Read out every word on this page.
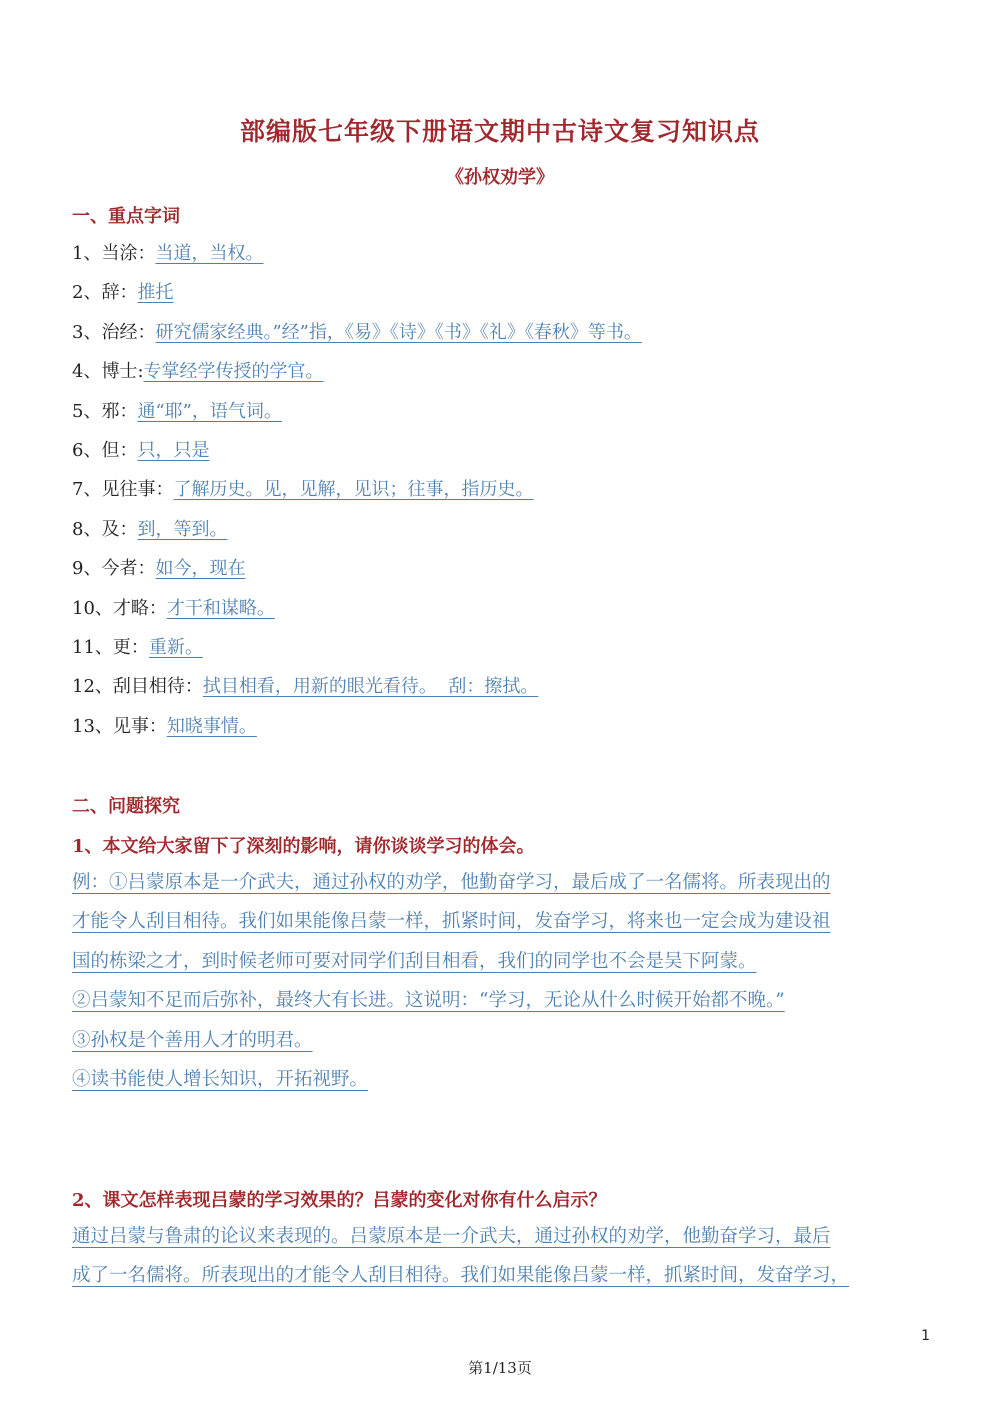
部编版七年级下册语文期中古诗文复习知识点
《孙权劝学》
一、重点字词
1、当涂：当道，当权。
2、辞：推托
3、治经：研究儒家经典。”经”指，《易》《诗》《书》《礼》《春秋》等书。
4、博士:专掌经学传授的学官。
5、邪：通“耶”，语气词。
6、但：只，只是
7、见往事：了解历史。见，见解，见识；往事，指历史。
8、及：到，等到。
9、今者：如今，现在
10、才略：才干和谋略。
11、更：重新。
12、刮目相待：拭目相看，用新的眼光看待。  刮：擦拭。
13、见事：知晓事情。
二、问题探究
1、本文给大家留下了深刻的影响，请你谈谈学习的体会。

例：①吕蒙原本是一介武夫，通过孙权的劝学，他勤奋学习，最后成了一名儒将。所表现出的

才能令人刮目相待。我们如果能像吕蒙一样，抓紧时间，发奋学习，将来也一定会成为建设祖

国的栋梁之才，到时候老师可要对同学们刮目相看，我们的同学也不会是吴下阿蒙。

②吕蒙知不足而后弥补，最终大有长进。这说明：“学习，无论从什么时候开始都不晚。”

③孙权是个善用人才的明君。

④读书能使人增长知识，开拓视野。

2、课文怎样表现吕蒙的学习效果的？吕蒙的变化对你有什么启示？

通过吕蒙与鲁肃的论议来表现的。吕蒙原本是一介武夫，通过孙权的劝学，他勤奋学习，最后

成了一名儒将。所表现出的才能令人刮目相待。我们如果能像吕蒙一样，抓紧时间，发奋学习，

1
第1/13页
